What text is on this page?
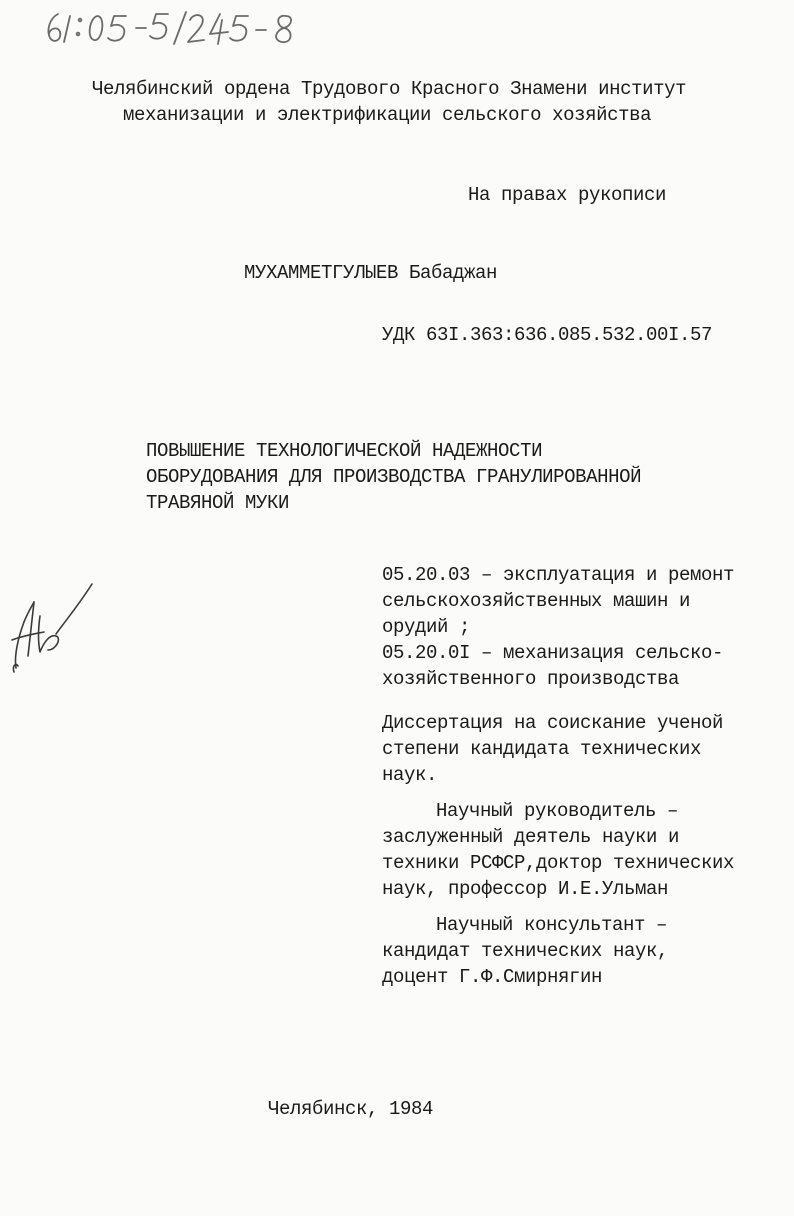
Челябинский ордена Трудового Красного Знамени институт
механизации и электрификации сельского хозяйства
На правах рукописи
МУХАММЕТГУЛЫЕВ Бабаджан
УДК 63I.363:636.085.532.00I.57
ПОВЫШЕНИЕ ТЕХНОЛОГИЧЕСКОЙ НАДЕЖНОСТИ
ОБОРУДОВАНИЯ ДЛЯ ПРОИЗВОДСТВА ГРАНУЛИРОВАННОЙ
ТРАВЯНОЙ МУКИ
05.20.03 – эксплуатация и ремонт
сельскохозяйственных машин и
орудий ;
05.20.0I – механизация сельско-
хозяйственного производства
Диссертация на соискание ученой
степени кандидата технических
наук.
Научный руководитель –
заслуженный деятель науки и
техники РСФСР,доктор технических
наук, профессор И.Е.Ульман
Научный консультант –
кандидат технических наук,
доцент Г.Ф.Смирнягин
Челябинск, 1984
